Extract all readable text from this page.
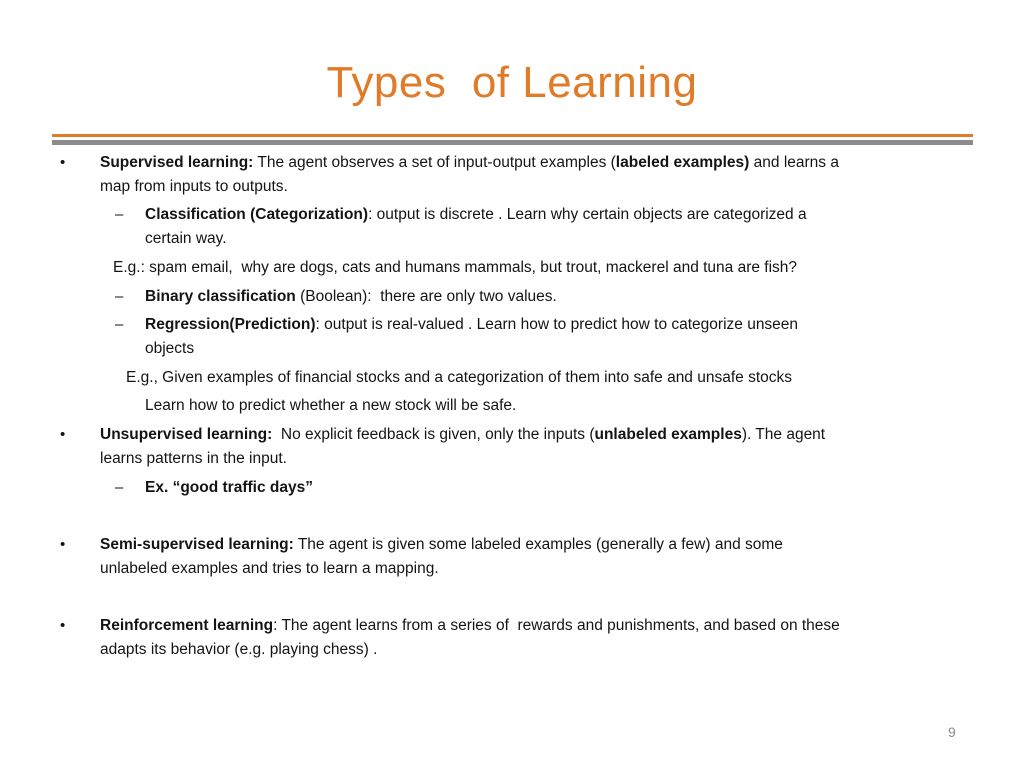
Types  of Learning
• Supervised learning: The agent observes a set of input-output examples (labeled examples) and learns a
map from inputs to outputs.
– Classification (Categorization): output is discrete . Learn why certain objects are categorized a
certain way.
E.g.: spam email,  why are dogs, cats and humans mammals, but trout, mackerel and tuna are fish?
– Binary classification (Boolean):  there are only two values.
– Regression(Prediction): output is real-valued . Learn how to predict how to categorize unseen
objects
E.g., Given examples of financial stocks and a categorization of them into safe and unsafe stocks
Learn how to predict whether a new stock will be safe.
• Unsupervised learning:  No explicit feedback is given, only the inputs (unlabeled examples). The agent
learns patterns in the input.
– Ex. “good traffic days”
• Semi-supervised learning: The agent is given some labeled examples (generally a few) and some
unlabeled examples and tries to learn a mapping.
• Reinforcement learning: The agent learns from a series of  rewards and punishments, and based on these
adapts its behavior (e.g. playing chess) .
9
